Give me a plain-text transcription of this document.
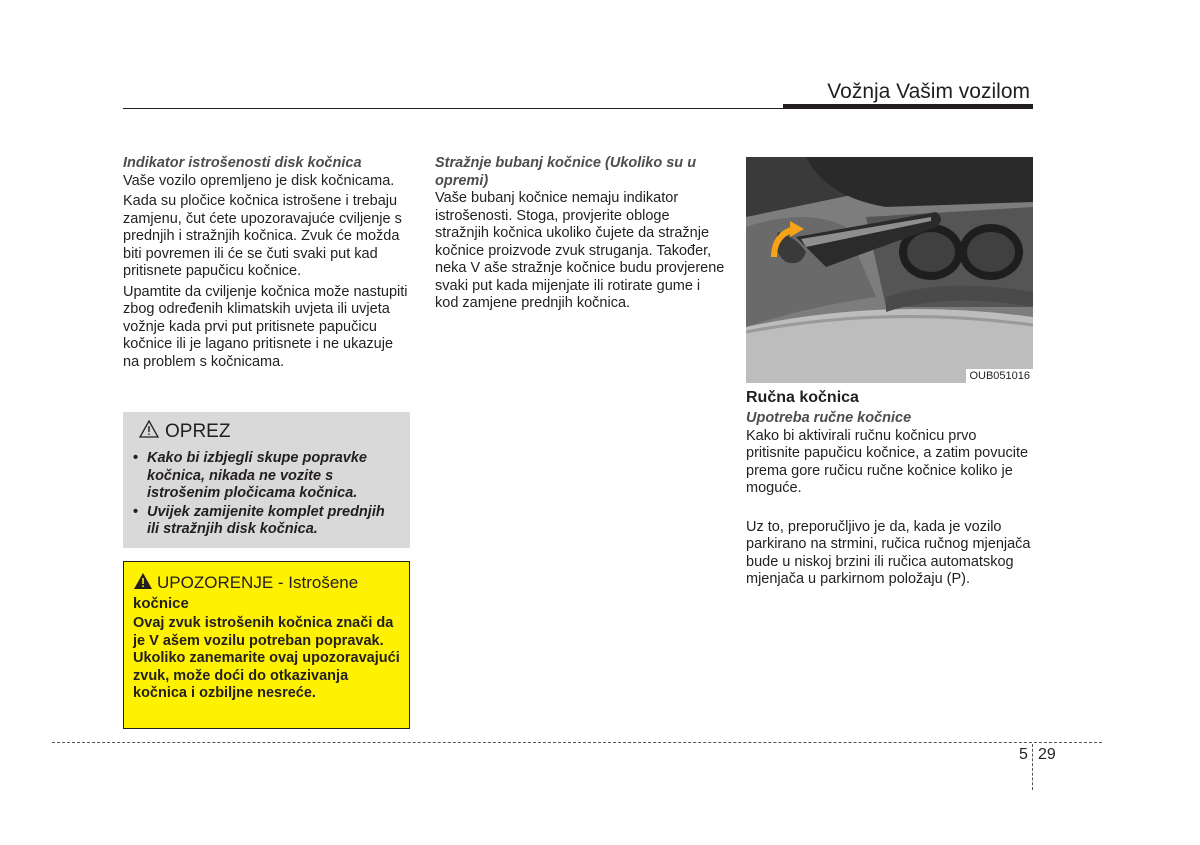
Vožnja Vašim vozilom
Indikator istrošenosti disk kočnica

Vaše vozilo opremljeno je disk kočnicama.

Kada su pločice kočnica istrošene i trebaju zamjenu, čut ćete upozoravajuće cviljenje s prednjih i stražnjih kočnica. Zvuk će možda biti povremen ili će se čuti svaki put kad pritisnete papučicu kočnice.

Upamtite da cviljenje kočnica može nastupiti zbog određenih klimatskih uvjeta ili uvjeta vožnje kada prvi put pritisnete papučicu kočnice ili je lagano pritisnete i ne ukazuje na problem s kočnicama.

OPREZ
• Kako bi izbjegli skupe popravke kočnica, nikada ne vozite s istrošenim pločicama kočnica.
• Uvijek zamijenite komplet prednjih ili stražnjih disk kočnica.
UPOZORENJE - Istrošene
kočnice
Ovaj zvuk istrošenih kočnica znači da je V ašem vozilu potreban popravak. Ukoliko zanemarite ovaj upozoravajući zvuk, može doći do otkazivanja kočnica i ozbiljne nesreće.
Stražnje bubanj kočnice (Ukoliko su u opremi)

Vaše bubanj kočnice nemaju indikator istrošenosti. Stoga, provjerite obloge stražnjih kočnica ukoliko čujete da stražnje kočnice proizvode zvuk struganja. Također, neka V aše stražnje kočnice budu provjerene svaki put kada mijenjate ili rotirate gume i kod zamjene prednjih kočnica.

OUB051016
Ručna kočnica
Upotreba ručne kočnice

Kako bi aktivirali ručnu kočnicu prvo pritisnite papučicu kočnice, a zatim povucite prema gore ručicu ručne kočnice koliko je moguće.

Uz to, preporučljivo je da, kada je vozilo parkirano na strmini, ručica ručnog mjenjača bude u niskoj brzini ili ručica automatskog mjenjača u parkirnom položaju (P).

5 29
